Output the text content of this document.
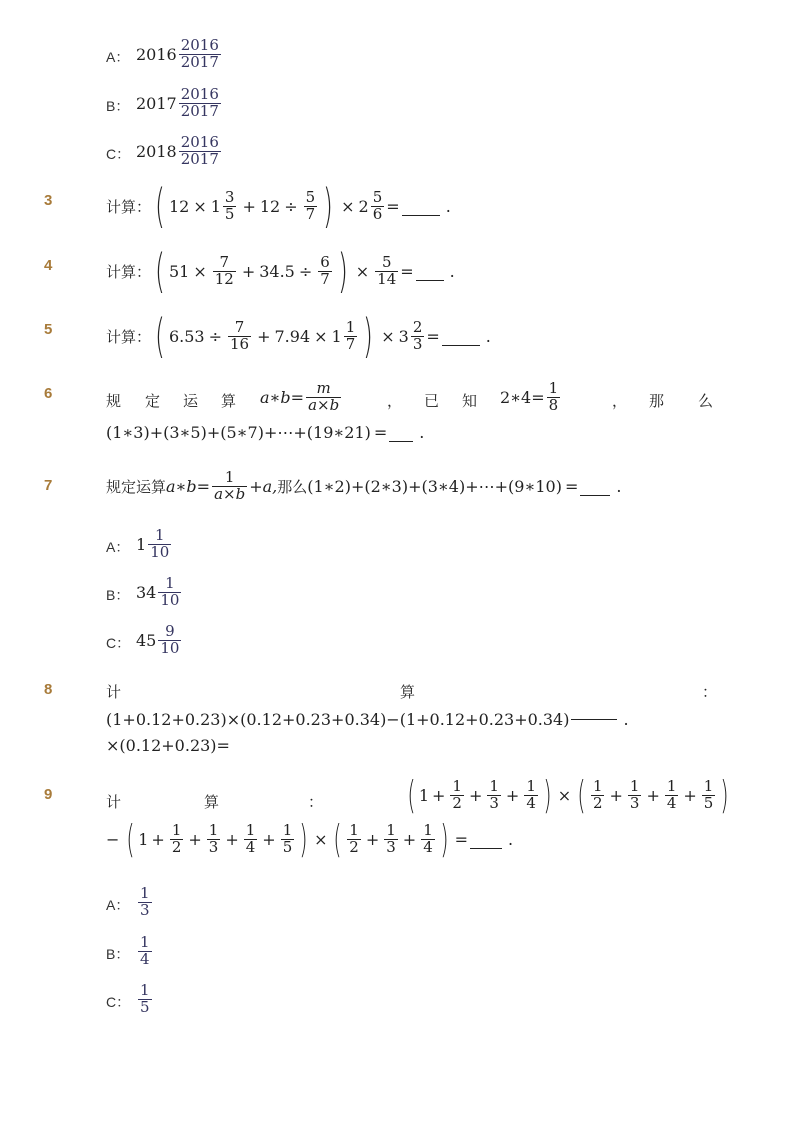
A： $2016 \frac{2016}{2017}$
B： $2017 \frac{2016}{2017}$
C： $2018 \frac{2016}{2017}$
3	计算： ( $12 \times 1 \frac{3}{5} + 12 \div \frac{5}{7}$ ) × $2 \frac{5}{6}$ =	.
4	计算： ( $51 \times \frac{7}{12} + 34.5 \div \frac{6}{7}$ ) × $\frac{5}{14}$ = .
5	计算： ( $6.53 \div \frac{7}{16} + 7.94 \times 1 \frac{1}{7}$ ) × $3 \frac{2}{3}$ =	.
6	规 定 运 算 a∗b= $\frac{m}{a\times b}$	， 已 知 2∗4= $\frac{1}{8}$	， 那 么
(1∗3)+(3∗5)+(5∗7)+⋯+(19∗21) = .
7	规定运算 a∗b= $\frac{1}{a\times b} +a$, 那么 (1∗2)+(2∗3)+(3∗4)+⋯+(9∗10) = .
A： $1 \frac{1}{10}$
B： $34 \frac{1}{10}$
C： $45 \frac{9}{10}$
8	计	算	：
(1+0.12+0.23)×(0.12+0.23+0.34)−(1+0.12+0.23+0.34)	.
×(0.12+0.23)=
9	计	算	： ( $1 + \frac{1}{2} + \frac{1}{3} + \frac{1}{4}$ ) × ( $\frac{1}{2} + \frac{1}{3} + \frac{1}{4} + \frac{1}{5}$ )
− ( $1 + \frac{1}{2} + \frac{1}{3} + \frac{1}{4} + \frac{1}{5}$ ) × ( $\frac{1}{2} + \frac{1}{3} + \frac{1}{4}$ ) =	.
A： $\frac{1}{3}$
B： $\frac{1}{4}$
C： $\frac{1}{5}$
